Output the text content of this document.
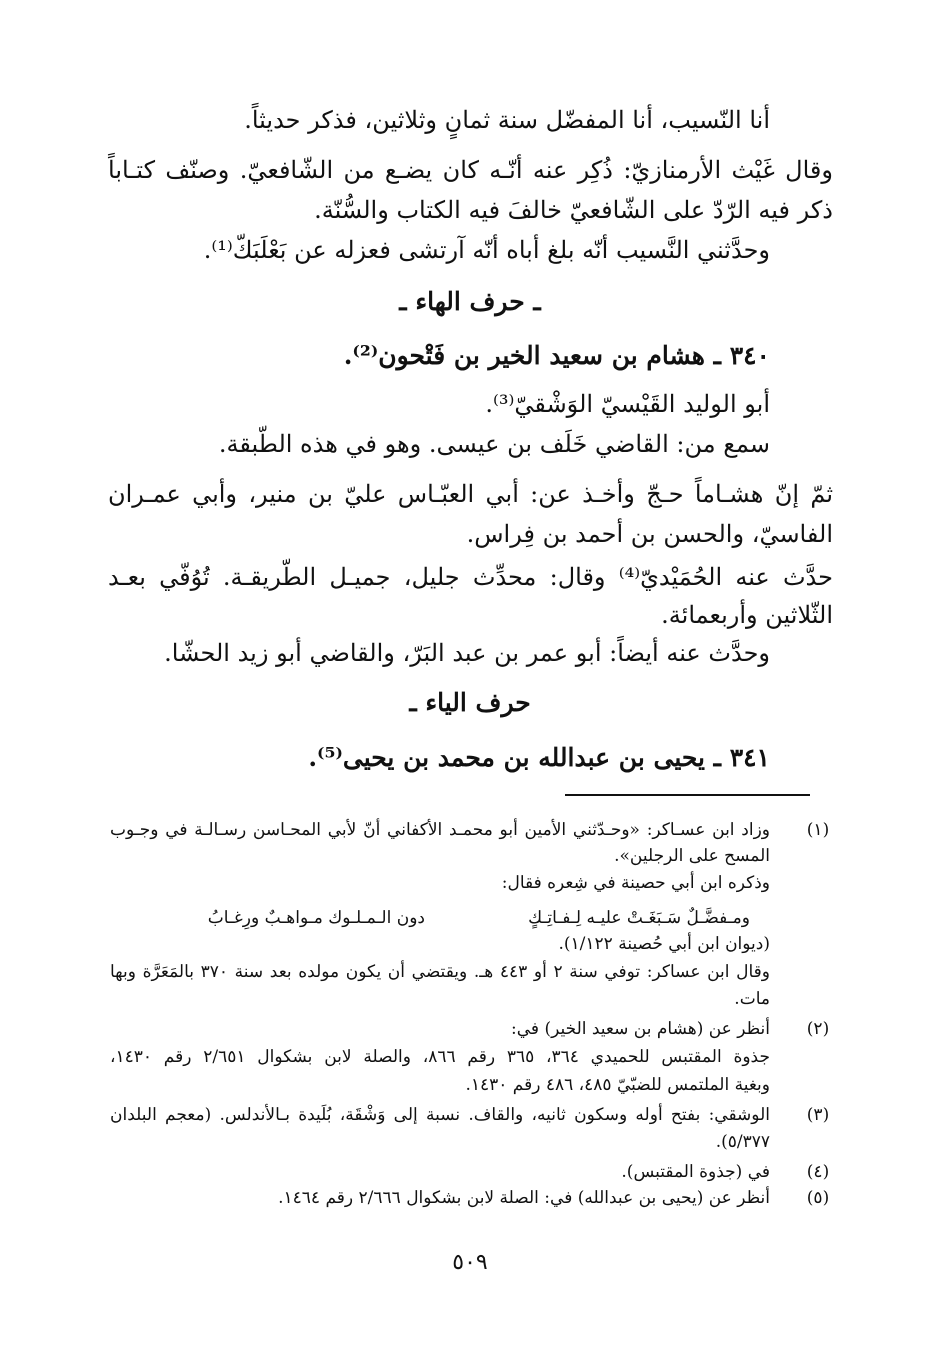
أنا النّسيب، أنا المفضّل سنة ثمانٍ وثلاثين، فذكر حديثاً.

وقال غَيْث الأرمنازيّ: ذُكِر عنه أنّـه كان يضـع من الشّافعيّ. وصنّف كتـاباً

ذكر فيه الرّدّ على الشّافعيّ خالفَ فيه الكتاب والسُّنّة.

وحدَّثني النَّسيب أنّه بلغ أباه أنّه آرتشى فعزله عن بَعْلَبَكّ⁽¹⁾.

ـ حرف الهاء ـ

٣٤٠ ـ هشام بن سعيد الخير بن فَتْحون⁽²⁾.

أبو الوليد القَيْسيّ الوَشْقيّ⁽³⁾.

سمع من: القاضي خَلَف بن عيسى. وهو في هذه الطّبقة.

ثمّ إنّ هشـاماً حـجّ وأخـذ عن: أبي العبّـاس عليّ بن منير، وأبي عمـران

الفاسيّ، والحسن بن أحمد بن فِراس.

حدَّث عنه الحُمَيْديّ⁽⁴⁾ وقال: محدِّث جليل، جميـل الطّريقـة. تُوُفّي بعـد

الثّلاثين وأربعمائة.

وحدَّث عنه أيضاً: أبو عمر بن عبد البَرّ، والقاضي أبو زيد الحشّا.

حرف الياء ـ

٣٤١ ـ يحيى بن عبدالله بن محمد بن يحيى⁽⁵⁾.

(١)

وزاد ابن عسـاكر: «وحـدّثني الأمين أبو محمـد الأكفاني أنّ لأبي المحـاسن رسـالـة في وجـوب

المسح على الرجلين».

وذكره ابن أبي حصينة في شِعره فقال:

ومـفضَّـلٌ سَـبَغَـتْ عليـه لِـفـاتِـكٍ
دون الـمـلـوك مـواهـبٌ ورِغـابُ

(ديوان ابن أبي حُصينة ١/١٢٢).

وقال ابن عساكر: توفي سنة ٢ أو ٤٤٣ هـ. ويقتضي أن يكون مولده بعد سنة ٣٧٠ بالمَعَرَّة وبها

مات.

(٢)

أنظر عن (هشام بن سعيد الخير) في:

جذوة المقتبس للحميدي ٣٦٤، ٣٦٥ رقم ٨٦٦، والصلة لابن بشكوال ٢/٦٥١ رقم ١٤٣٠،

وبغية الملتمس للضبّيّ ٤٨٥، ٤٨٦ رقم ١٤٣٠.

(٣)

الوشقي: بفتح أوله وسكون ثانيه، والقاف. نسبة إلى وَشْقَة، بُلَيدة بـالأندلس. (معجم البلدان

٥/٣٧٧).

(٤)

في (جذوة المقتبس).

(٥)

أنظر عن (يحيى بن عبدالله) في: الصلة لابن بشكوال ٢/٦٦٦ رقم ١٤٦٤.

٥٠٩
